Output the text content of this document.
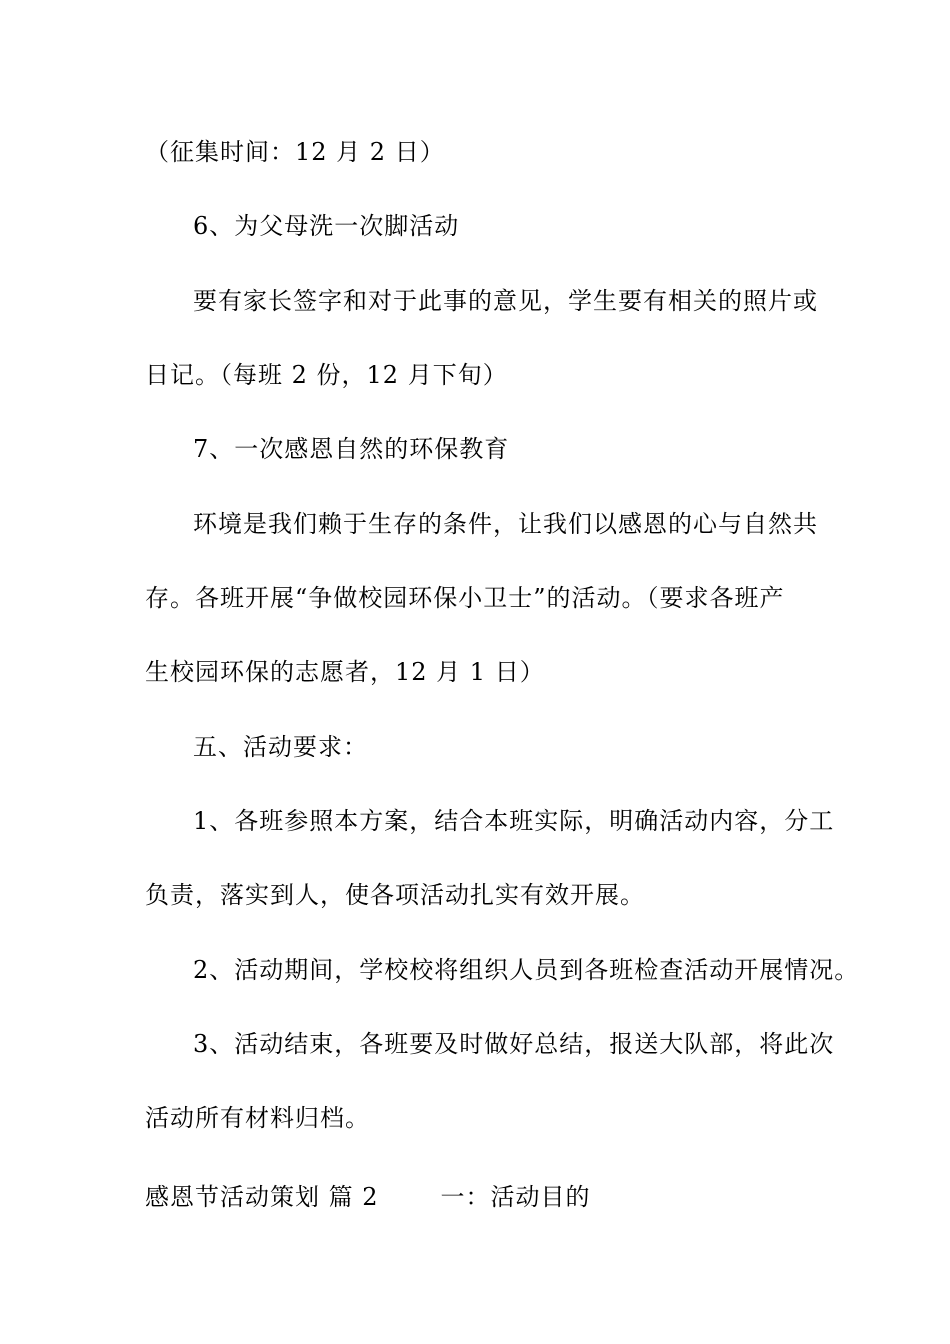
（征集时间：12 月 2 日）
6、为父母洗一次脚活动
要有家长签字和对于此事的意见，学生要有相关的照片或
日记。（每班 2 份，12 月下旬）
7、一次感恩自然的环保教育
环境是我们赖于生存的条件，让我们以感恩的心与自然共
存。各班开展“争做校园环保小卫士”的活动。（要求各班产
生校园环保的志愿者，12 月 1 日）
五、活动要求：
1、各班参照本方案，结合本班实际，明确活动内容，分工
负责，落实到人，使各项活动扎实有效开展。
2、活动期间，学校校将组织人员到各班检查活动开展情况。
3、活动结束，各班要及时做好总结，报送大队部，将此次
活动所有材料归档。
感恩节活动策划 篇 2	一：活动目的
